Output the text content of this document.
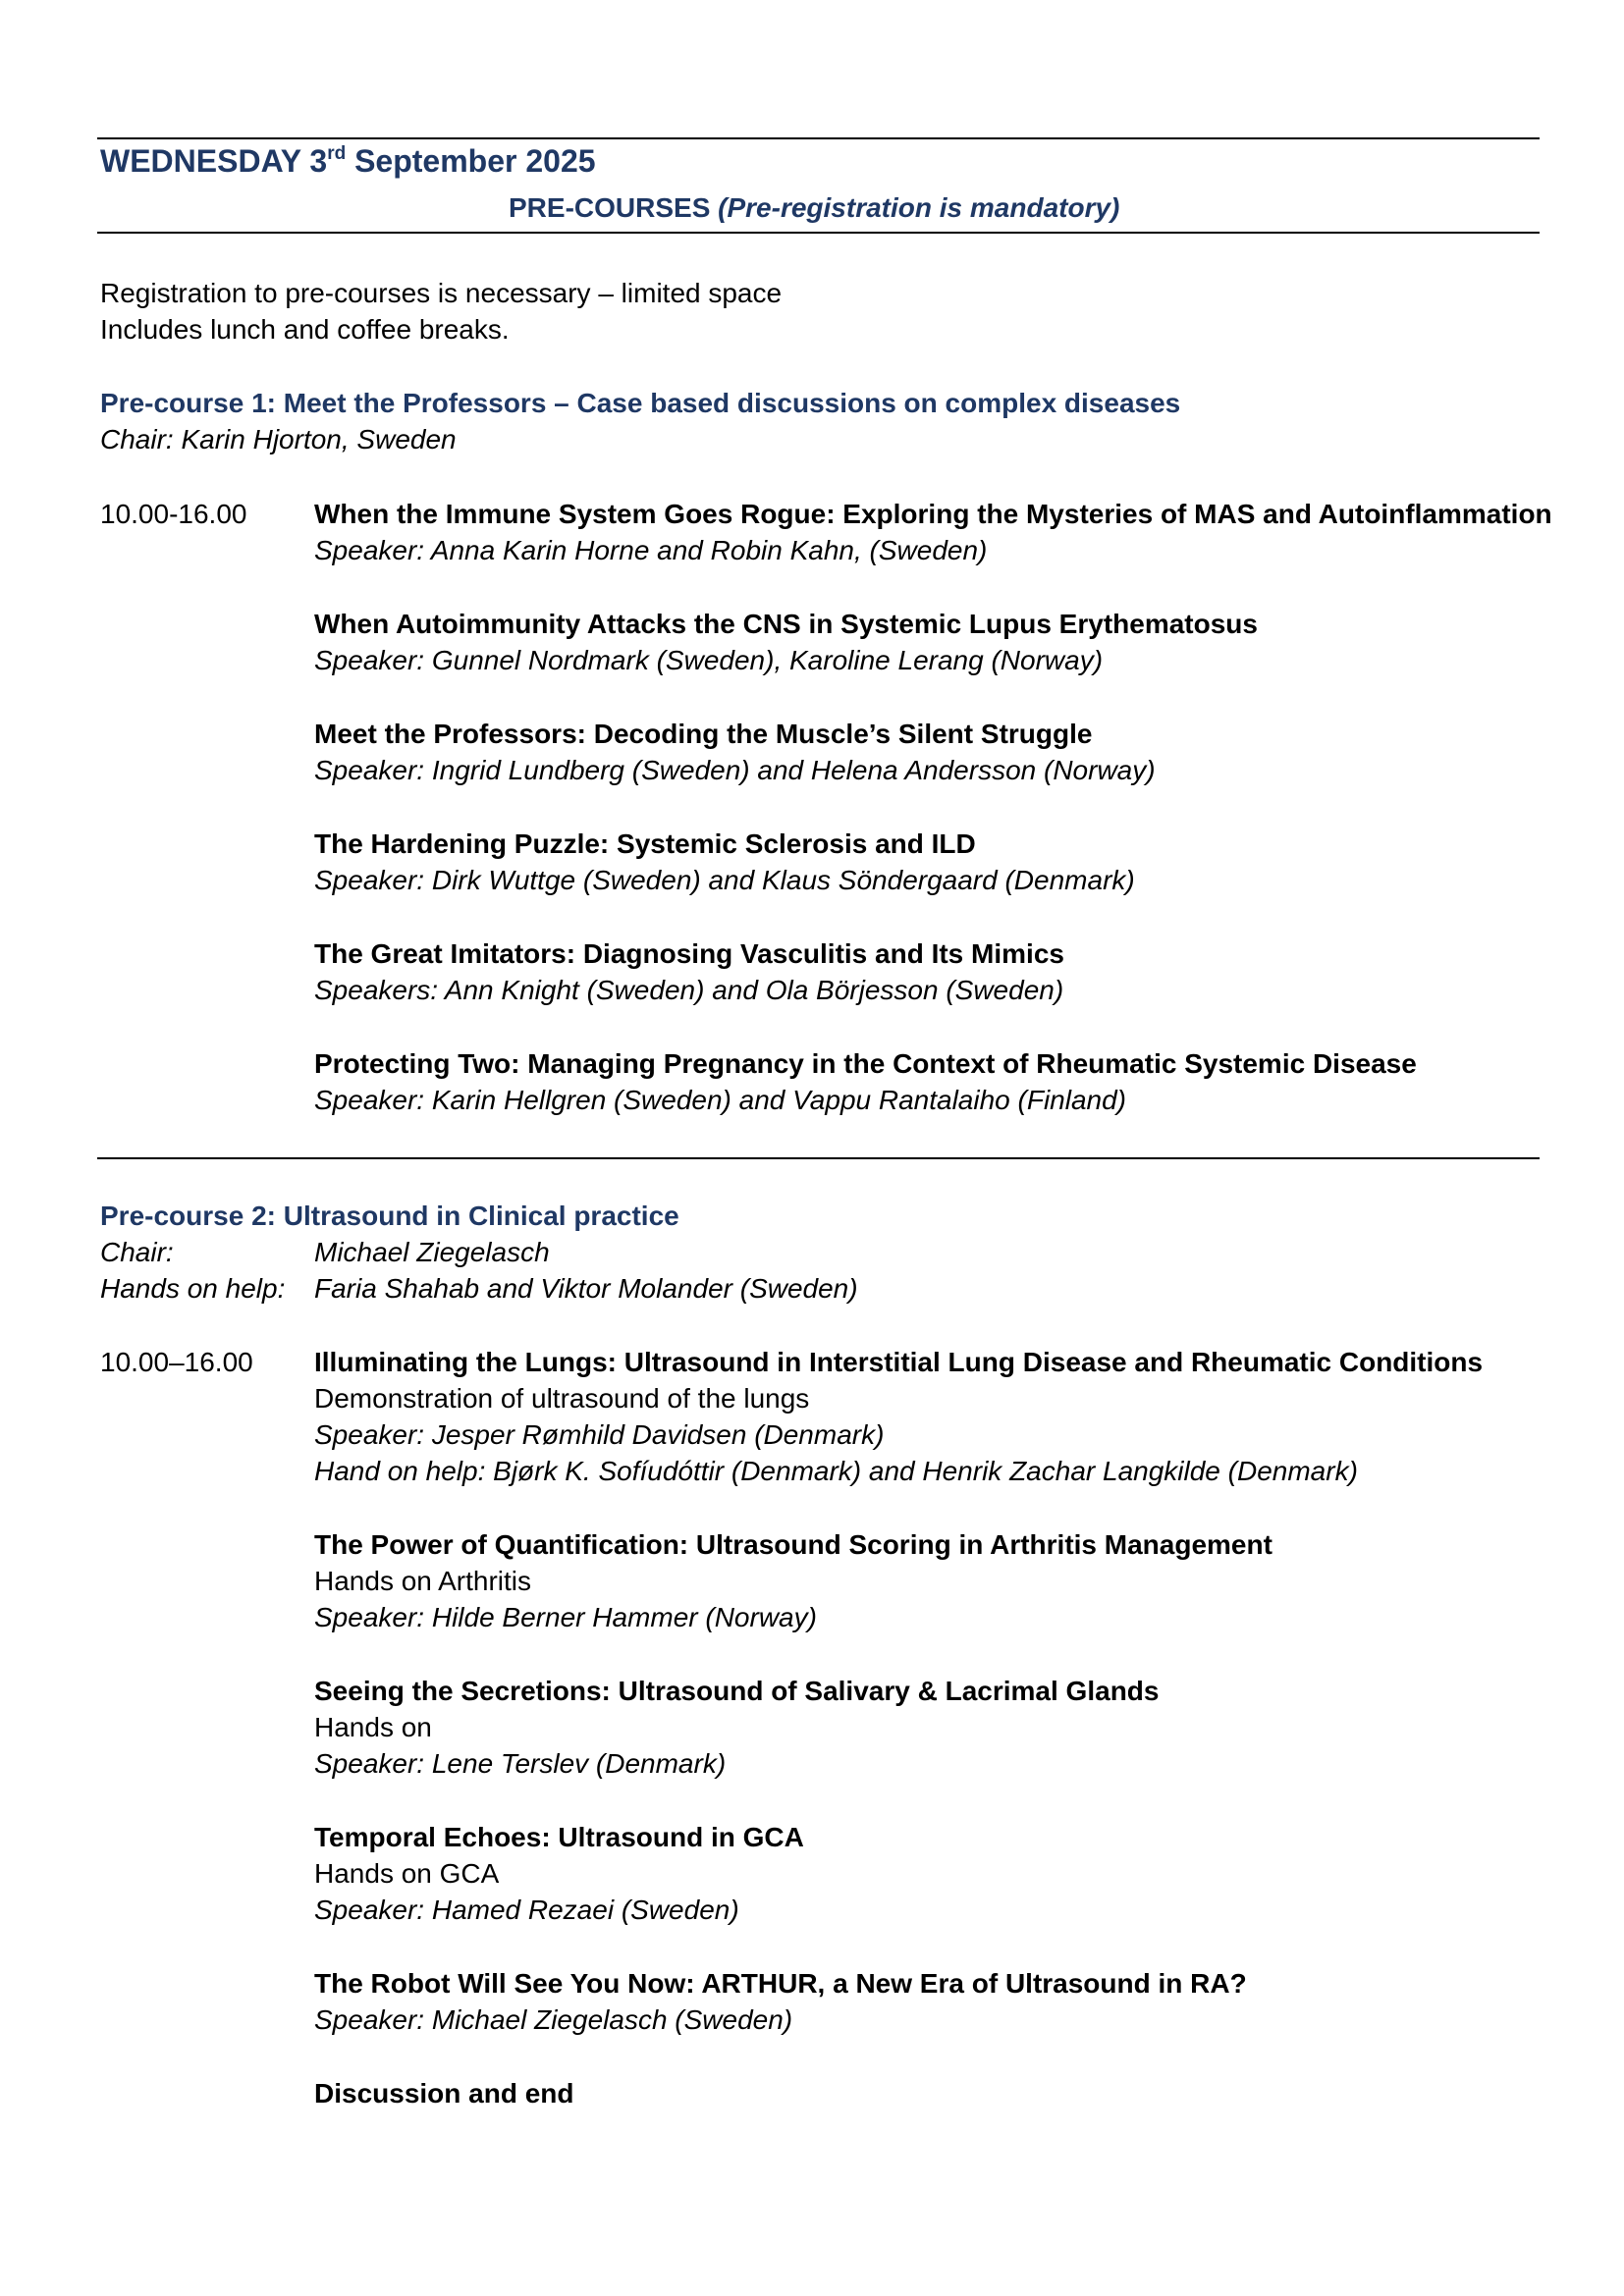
WEDNESDAY 3rd September 2025
PRE-COURSES (Pre-registration is mandatory)
Registration to pre-courses is necessary – limited space
Includes lunch and coffee breaks.
Pre-course 1: Meet the Professors – Case based discussions on complex diseases
Chair: Karin Hjorton, Sweden
10.00-16.00 When the Immune System Goes Rogue: Exploring the Mysteries of MAS and Autoinflammation
Speaker: Anna Karin Horne and Robin Kahn, (Sweden)
When Autoimmunity Attacks the CNS in Systemic Lupus Erythematosus
Speaker: Gunnel Nordmark (Sweden), Karoline Lerang (Norway)
Meet the Professors: Decoding the Muscle’s Silent Struggle
Speaker: Ingrid Lundberg (Sweden) and Helena Andersson (Norway)
The Hardening Puzzle: Systemic Sclerosis and ILD
Speaker: Dirk Wuttge (Sweden) and Klaus Söndergaard (Denmark)
The Great Imitators: Diagnosing Vasculitis and Its Mimics
Speakers: Ann Knight (Sweden) and Ola Börjesson (Sweden)
Protecting Two: Managing Pregnancy in the Context of Rheumatic Systemic Disease
Speaker: Karin Hellgren (Sweden) and Vappu Rantalaiho (Finland)
Pre-course 2: Ultrasound in Clinical practice
Chair:	Michael Ziegelasch
Hands on help: Faria Shahab and Viktor Molander (Sweden)
10.00–16.00 Illuminating the Lungs: Ultrasound in Interstitial Lung Disease and Rheumatic Conditions
Demonstration of ultrasound of the lungs
Speaker: Jesper Rømhild Davidsen (Denmark)
Hand on help: Bjørk K. Sofíudóttir (Denmark) and Henrik Zachar Langkilde (Denmark)
The Power of Quantification: Ultrasound Scoring in Arthritis Management
Hands on Arthritis
Speaker: Hilde Berner Hammer (Norway)
Seeing the Secretions: Ultrasound of Salivary & Lacrimal Glands
Hands on
Speaker: Lene Terslev (Denmark)
Temporal Echoes: Ultrasound in GCA
Hands on GCA
Speaker: Hamed Rezaei (Sweden)
The Robot Will See You Now: ARTHUR, a New Era of Ultrasound in RA?
Speaker: Michael Ziegelasch (Sweden)
Discussion and end
